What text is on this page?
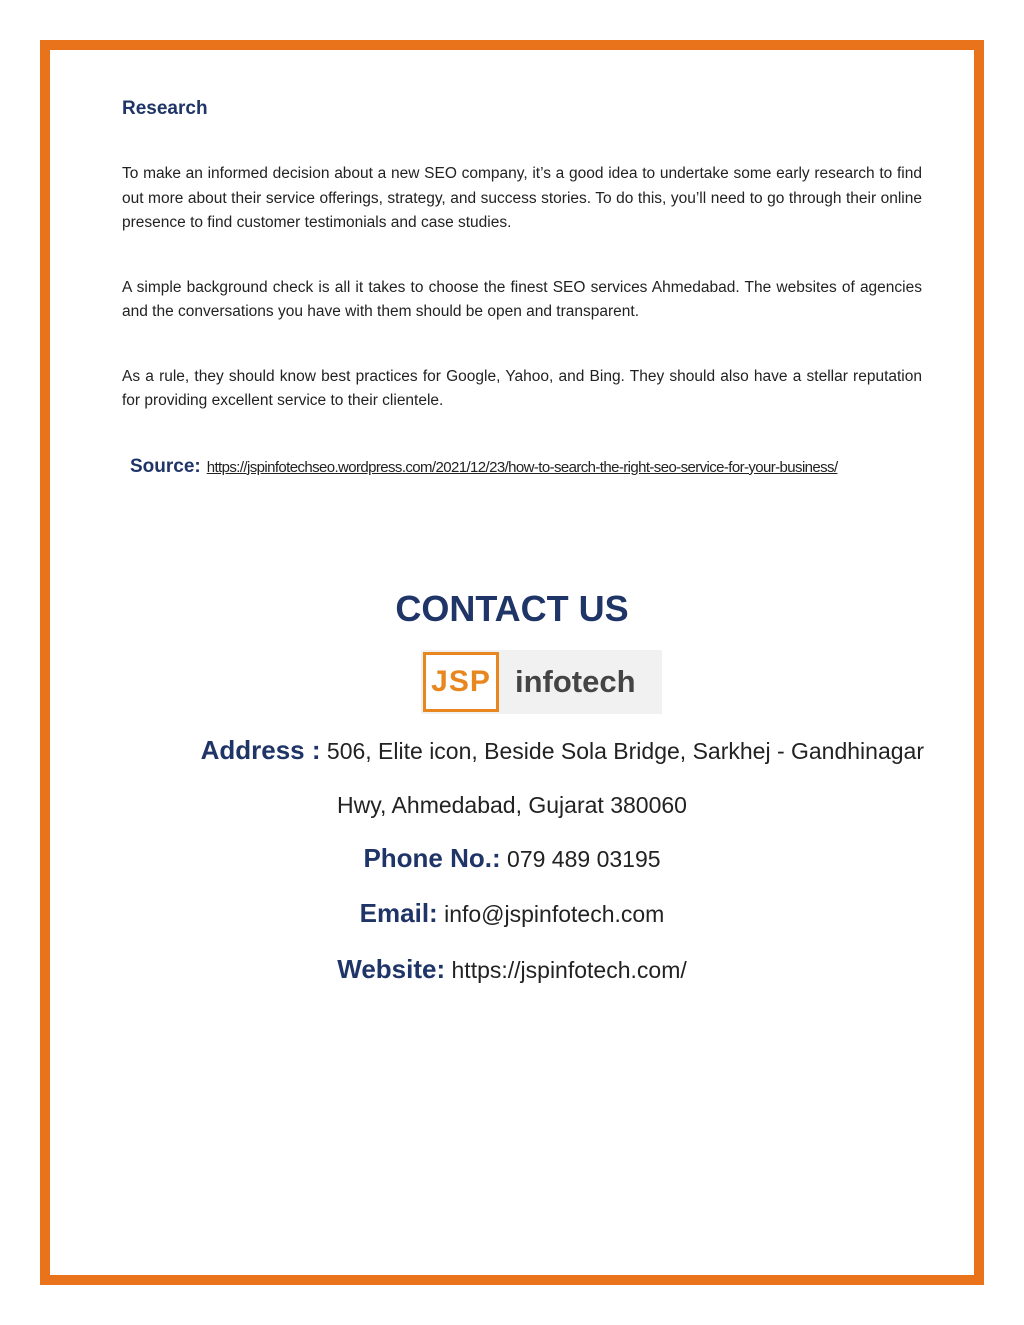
Research

To make an informed decision about a new SEO company, it’s a good idea to undertake some early research to find out more about their service offerings, strategy, and success stories. To do this, you’ll need to go through their online presence to find customer testimonials and case studies.

A simple background check is all it takes to choose the finest SEO services Ahmedabad. The websites of agencies and the conversations you have with them should be open and transparent.

As a rule, they should know best practices for Google, Yahoo, and Bing. They should also have a stellar reputation for providing excellent service to their clientele.

Source: https://jspinfotechseo.wordpress.com/2021/12/23/how-to-search-the-right-seo-service-for-your-business/
CONTACT US
JSP infotech
Address : 506, Elite icon, Beside Sola Bridge, Sarkhej - Gandhinagar
Hwy, Ahmedabad, Gujarat 380060
Phone No.: 079 489 03195
Email: info@jspinfotech.com
Website: https://jspinfotech.com/
